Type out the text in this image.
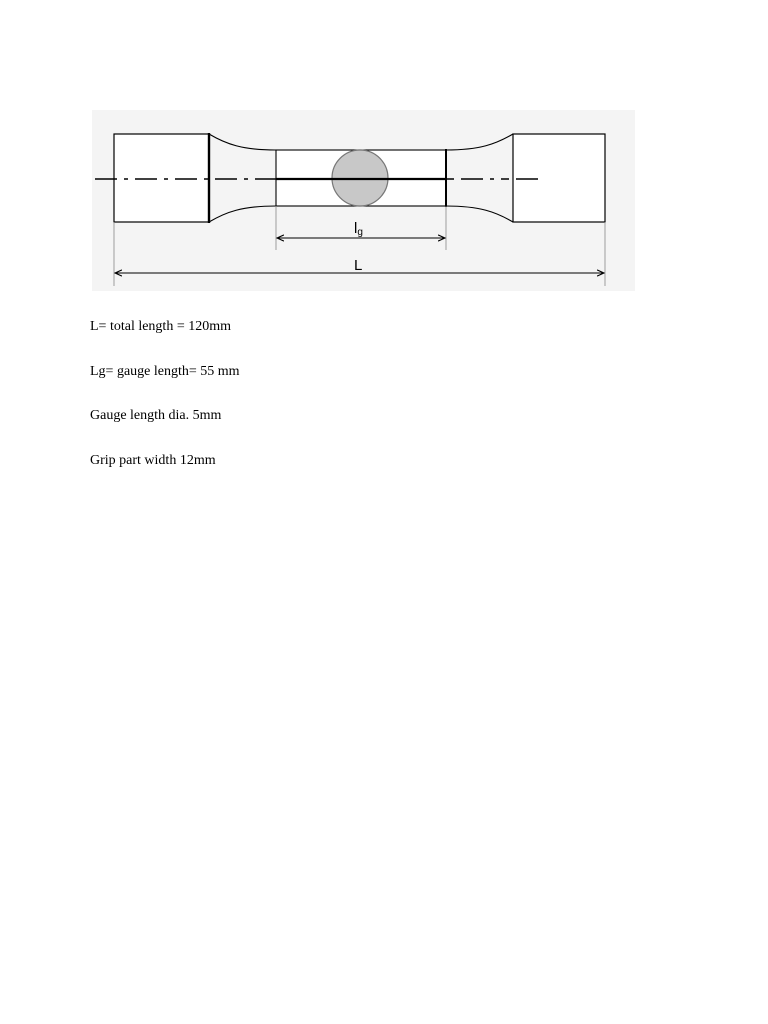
lg
L
L= total length = 120mm
Lg= gauge length= 55 mm
Gauge length dia. 5mm
Grip part width 12mm
